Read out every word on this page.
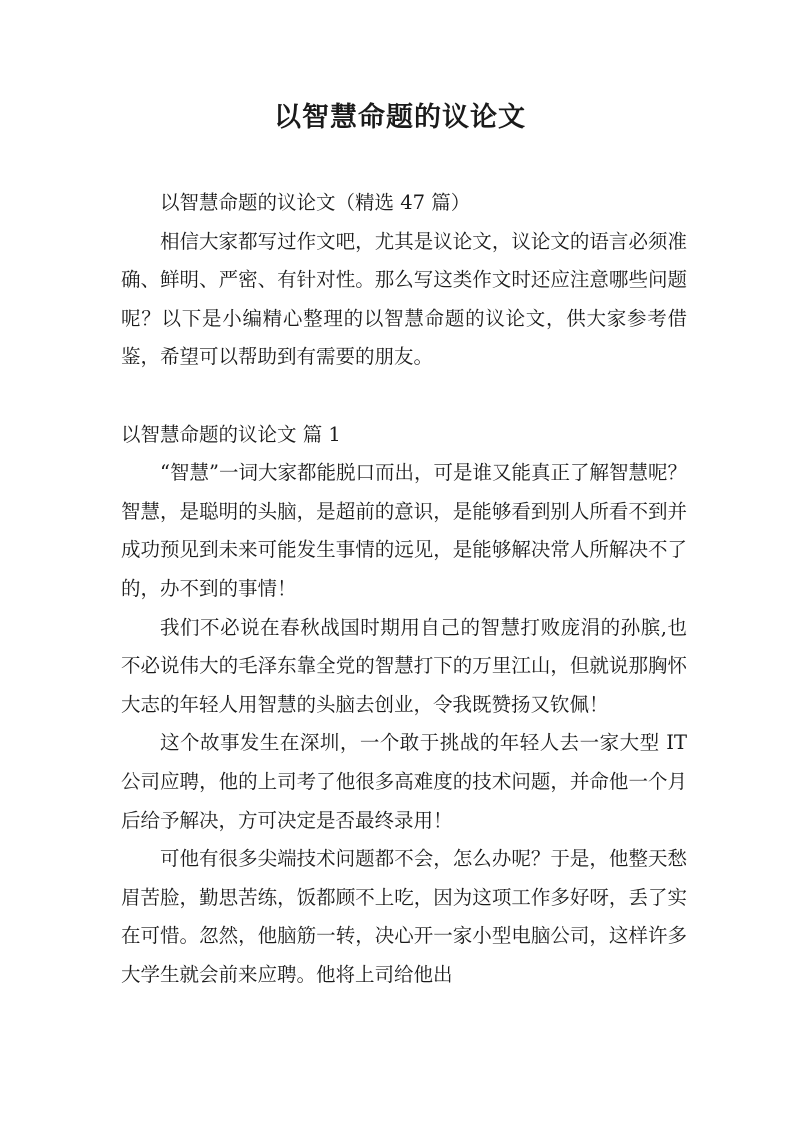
以智慧命题的议论文

以智慧命题的议论文（精选 47 篇）

相信大家都写过作文吧，尤其是议论文，议论文的语言必须准确、鲜明、严密、有针对性。那么写这类作文时还应注意哪些问题呢？以下是小编精心整理的以智慧命题的议论文，供大家参考借鉴，希望可以帮助到有需要的朋友。

以智慧命题的议论文 篇 1

“智慧”一词大家都能脱口而出，可是谁又能真正了解智慧呢？智慧，是聪明的头脑，是超前的意识，是能够看到别人所看不到并成功预见到未来可能发生事情的远见，是能够解决常人所解决不了的，办不到的事情！

我们不必说在春秋战国时期用自己的智慧打败庞涓的孙膑,也不必说伟大的毛泽东靠全党的智慧打下的万里江山，但就说那胸怀大志的年轻人用智慧的头脑去创业，令我既赞扬又钦佩！

这个故事发生在深圳，一个敢于挑战的年轻人去一家大型 IT 公司应聘，他的上司考了他很多高难度的技术问题，并命他一个月后给予解决，方可决定是否最终录用！

可他有很多尖端技术问题都不会，怎么办呢？于是，他整天愁眉苦脸，勤思苦练，饭都顾不上吃，因为这项工作多好呀，丢了实在可惜。忽然，他脑筋一转，决心开一家小型电脑公司，这样许多大学生就会前来应聘。他将上司给他出
